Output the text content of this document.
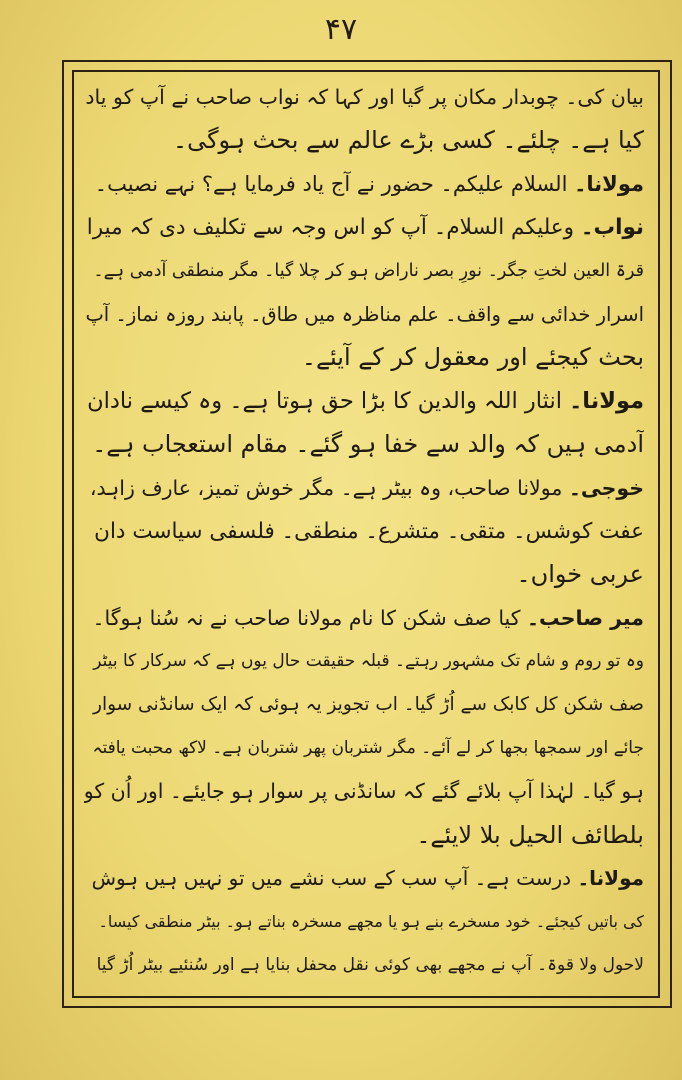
۴۷
بیان کی۔ چوبدار مکان پر گیا اور کہا کہ نواب صاحب نے آپ کو یاد
کیا ہے۔ چلئے۔ کسی بڑے عالم سے بحث ہوگی۔
مولانا۔ السلام علیکم۔ حضور نے آج یاد فرمایا ہے؟ نہے نصیب۔
نواب۔ وعلیکم السلام۔ آپ کو اس وجہ سے تکلیف دی کہ میرا
قرۃ العین لختِ جگر۔ نورِ بصر ناراض ہو کر چلا گیا۔ مگر منطقی آدمی ہے۔
اسرار خدائی سے واقف۔ علم مناظرہ میں طاق۔ پابند روزہ نماز۔ آپ
بحث کیجئے اور معقول کر کے آیئے۔
مولانا۔ انثار اللہ والدین کا بڑا حق ہوتا ہے۔ وہ کیسے نادان
آدمی ہیں کہ والد سے خفا ہو گئے۔ مقام استعجاب ہے۔
خوجی۔ مولانا صاحب، وہ بیٹر ہے۔ مگر خوش تمیز، عارف زاہد،
عفت کوشس۔ متقی۔ متشرع۔ منطقی۔ فلسفی سیاست دان
عربی خواں۔
میر صاحب۔ کیا صف شکن کا نام مولانا صاحب نے نہ سُنا ہوگا۔
وہ تو روم و شام تک مشہور رہتے۔ قبلہ حقیقت حال یوں ہے کہ سرکار کا بیٹر
صف شکن کل کابک سے اُڑ گیا۔ اب تجویز یہ ہوئی کہ ایک سانڈنی سوار
جائے اور سمجھا بجھا کر لے آئے۔ مگر شتربان پھر شتربان ہے۔ لاکھ محبت یافتہ
ہو گیا۔ لہٰذا آپ بلائے گئے کہ سانڈنی پر سوار ہو جایئے۔ اور اُن کو
بلطائف الحیل بلا لایئے۔
مولانا۔ درست ہے۔ آپ سب کے سب نشے میں تو نہیں ہیں ہوش
کی باتیں کیجئے۔ خود مسخرے بنے ہو یا مجھے مسخرہ بناتے ہو۔ بیٹر منطقی کیسا۔
لاحول ولا قوۃ۔ آپ نے مجھے بھی کوئی نقل محفل بنایا ہے اور سُنئیے بیٹر اُڑ گیا
